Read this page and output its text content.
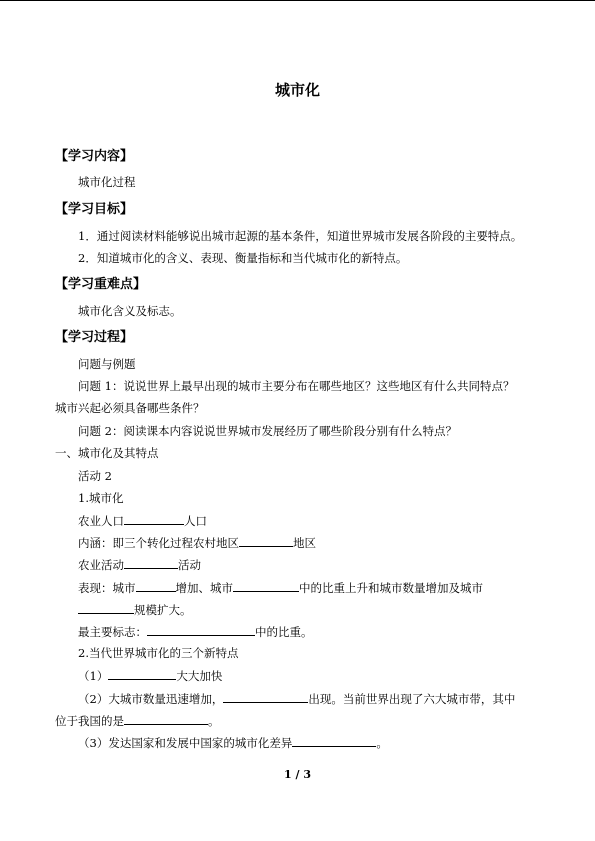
城市化
【学习内容】
城市化过程
【学习目标】
1．通过阅读材料能够说出城市起源的基本条件，知道世界城市发展各阶段的主要特点。
2．知道城市化的含义、表现、衡量指标和当代城市化的新特点。
【学习重难点】
城市化含义及标志。
【学习过程】
问题与例题
问题 1：说说世界上最早出现的城市主要分布在哪些地区？这些地区有什么共同特点？
城市兴起必须具备哪些条件？
问题 2：阅读课本内容说说世界城市发展经历了哪些阶段分别有什么特点？
一、城市化及其特点
活动 2
1.城市化
农业人口	人口
内涵：即三个转化过程农村地区	地区
农业活动	活动
表现：城市	增加、城市	中的比重上升和城市数量增加及城市
规模扩大。
最主要标志：	中的比重。
2.当代世界城市化的三个新特点
（1）	大大加快
（2）大城市数量迅速增加，	出现。当前世界出现了六大城市带，其中
位于我国的是	。
（3）发达国家和发展中国家的城市化差异	。
1 / 3
